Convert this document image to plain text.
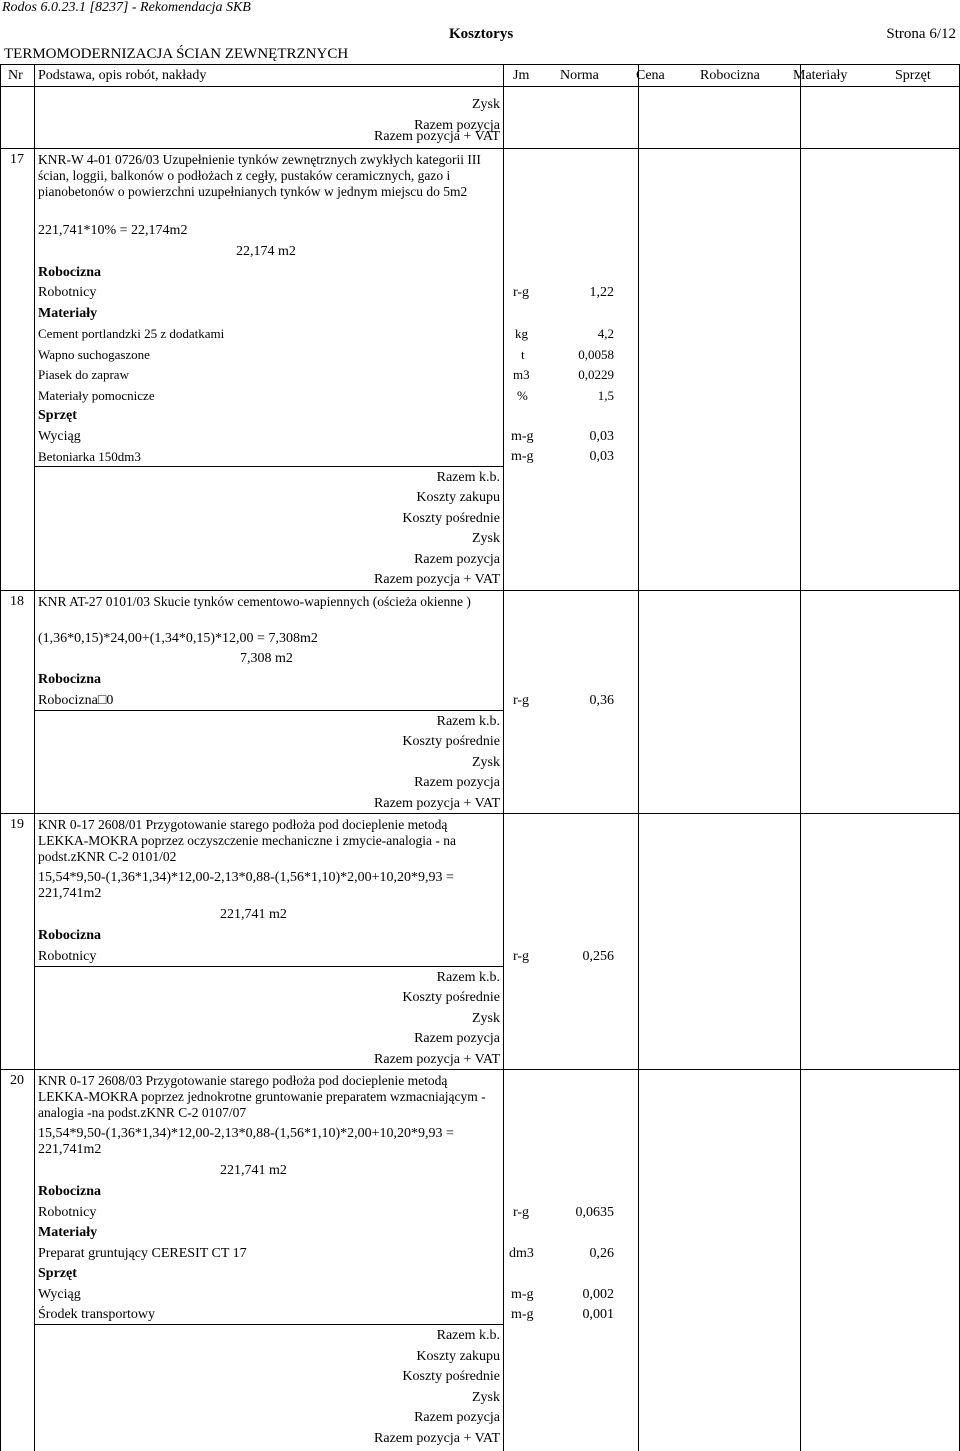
Rodos 6.0.23.1 [8237] - Rekomendacja SKB
Kosztorys	Strona 6/12
TERMOMODERNIZACJA ŚCIAN ZEWNĘTRZNYCH
Nr Podstawa, opis robót, nakłady	Jm Norma	Cena	Robocizna Materiały	Sprzęt
Zysk
Razem pozycja
Razem pozycja + VAT
17 KNR-W 4-01 0726/03 Uzupełnienie tynków zewnętrznych zwykłych kategorii III ścian, loggii, balkonów o podłożach z cegły, pustaków ceramicznych, gazo i pianobetonów o powierzchni uzupełnianych tynków w jednym miejscu do 5m2
221,741*10% = 22,174m2
22,174 m2
Robocizna
Robotnicy	r-g	1,22
Materiały
Cement portlandzki 25 z dodatkami	kg	4,2
Wapno suchogaszone	t	0,0058
Piasek do zapraw	m3	0,0229
Materiały pomocnicze	%	1,5
Sprzęt
Wyciąg	m-g	0,03
Betoniarka 150dm3	m-g	0,03
Razem k.b.
Koszty zakupu
Koszty pośrednie
Zysk
Razem pozycja
Razem pozycja + VAT
18 KNR AT-27 0101/03 Skucie tynków cementowo-wapiennych (ościeża okienne )
(1,36*0,15)*24,00+(1,34*0,15)*12,00 = 7,308m2
7,308 m2
Robocizna
Robocizna□0	r-g	0,36
Razem k.b.
Koszty pośrednie
Zysk
Razem pozycja
Razem pozycja + VAT
19 KNR 0-17 2608/01 Przygotowanie starego podłoża pod docieplenie metodą LEKKA-MOKRA poprzez oczyszczenie mechaniczne i zmycie-analogia - na podst.zKNR C-2 0101/02
15,54*9,50-(1,36*1,34)*12,00-2,13*0,88-(1,56*1,10)*2,00+10,20*9,93 = 221,741m2
221,741 m2
Robocizna
Robotnicy	r-g	0,256
Razem k.b.
Koszty pośrednie
Zysk
Razem pozycja
Razem pozycja + VAT
20 KNR 0-17 2608/03 Przygotowanie starego podłoża pod docieplenie metodą LEKKA-MOKRA poprzez jednokrotne gruntowanie preparatem wzmacniającym - analogia -na podst.zKNR C-2 0107/07
15,54*9,50-(1,36*1,34)*12,00-2,13*0,88-(1,56*1,10)*2,00+10,20*9,93 = 221,741m2
221,741 m2
Robocizna
Robotnicy	r-g	0,0635
Materiały
Preparat gruntujący CERESIT CT 17	dm3	0,26
Sprzęt
Wyciąg	m-g	0,002
Środek transportowy	m-g	0,001
Razem k.b.
Koszty zakupu
Koszty pośrednie
Zysk
Razem pozycja
Razem pozycja + VAT
